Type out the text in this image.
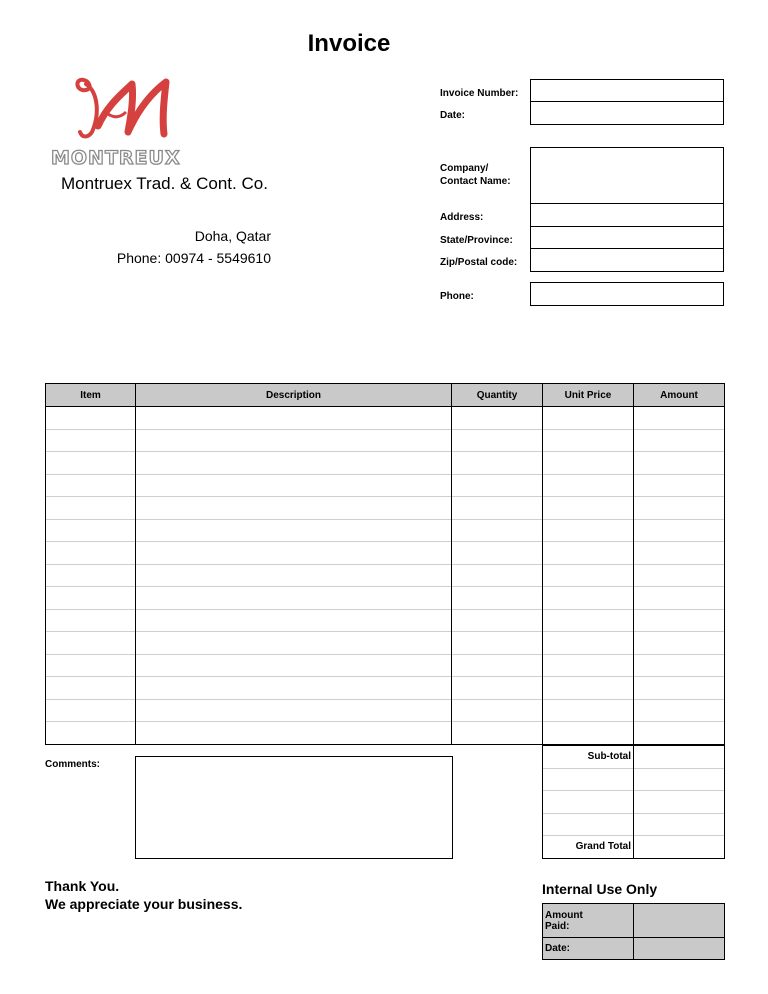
Invoice
MONTREUX
Montruex Trad. & Cont. Co.
Doha, Qatar
Phone: 00974 - 5549610
Invoice Number:
Date:
Company/
Contact Name:
Address:
State/Province:
Zip/Postal code:
Phone:
Item	Description	Quantity	Unit Price	Amount

Comments:
Sub-total	

Grand Total	
Thank You.
We appreciate your business.
Internal Use Only
Amount
Paid:	

Date:	
